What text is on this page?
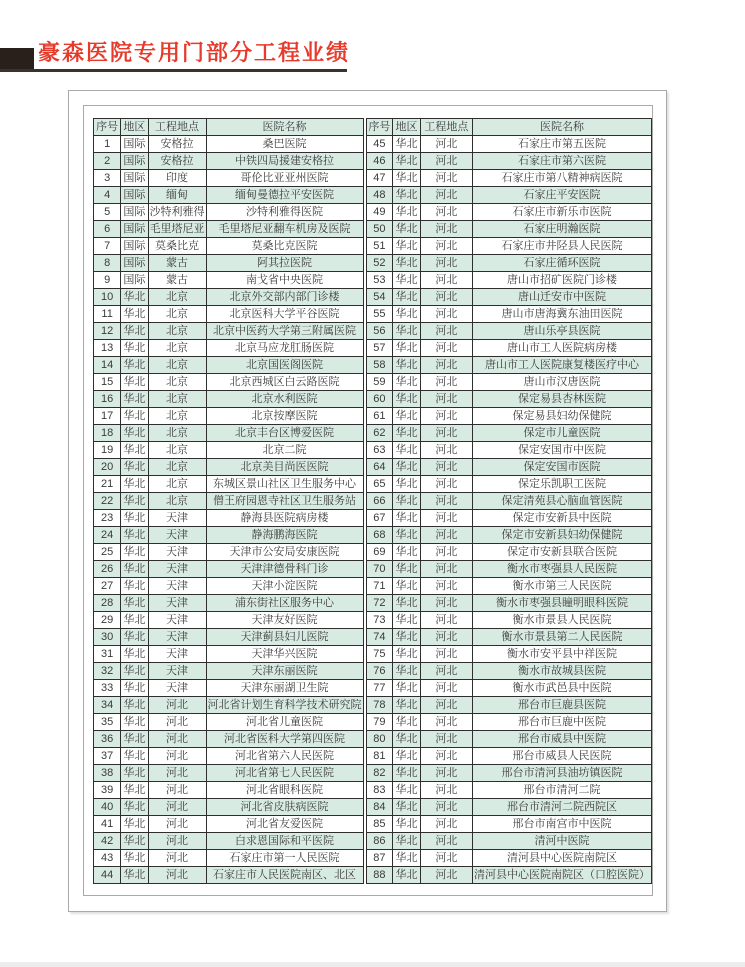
豪森医院专用门部分工程业绩
序号	地区	工程地点	医院名称
1	国际	安格拉	桑巴医院
2	国际	安格拉	中铁四局援建安格拉
3	国际	印度	哥伦比亚亚州医院
4	国际	缅甸	缅甸曼德拉平安医院
5	国际	沙特利雅得	沙特利雅得医院
6	国际	毛里塔尼亚	毛里塔尼亚翻车机房及医院
7	国际	莫桑比克	莫桑比克医院
8	国际	蒙古	阿其拉医院
9	国际	蒙古	南戈省中央医院
10	华北	北京	北京外交部内部门诊楼
11	华北	北京	北京医科大学平谷医院
12	华北	北京	北京中医药大学第三附属医院
13	华北	北京	北京马应龙肛肠医院
14	华北	北京	北京国医阁医院
15	华北	北京	北京西城区白云路医院
16	华北	北京	北京水利医院
17	华北	北京	北京按摩医院
18	华北	北京	北京丰台区博爱医院
19	华北	北京	北京二院
20	华北	北京	北京美目尚医医院
21	华北	北京	东城区景山社区卫生服务中心
22	华北	北京	僧王府园恩寺社区卫生服务站
23	华北	天津	静海县医院病房楼
24	华北	天津	静海鹏海医院
25	华北	天津	天津市公安局安康医院
26	华北	天津	天津津德骨科门诊
27	华北	天津	天津小淀医院
28	华北	天津	浦东街社区服务中心
29	华北	天津	天津友好医院
30	华北	天津	天津蓟县妇儿医院
31	华北	天津	天津华兴医院
32	华北	天津	天津东丽医院
33	华北	天津	天津东丽湖卫生院
34	华北	河北	河北省计划生育科学技术研究院
35	华北	河北	河北省儿童医院
36	华北	河北	河北省医科大学第四医院
37	华北	河北	河北省第六人民医院
38	华北	河北	河北省第七人民医院
39	华北	河北	河北省眼科医院
40	华北	河北	河北省皮肤病医院
41	华北	河北	河北省友爱医院
42	华北	河北	白求恩国际和平医院
43	华北	河北	石家庄市第一人民医院
44	华北	河北	石家庄市人民医院南区、北区
序号	地区	工程地点	医院名称
45	华北	河北	石家庄市第五医院
46	华北	河北	石家庄市第六医院
47	华北	河北	石家庄市第八精神病医院
48	华北	河北	石家庄平安医院
49	华北	河北	石家庄市新乐市医院
50	华北	河北	石家庄明瀚医院
51	华北	河北	石家庄市井陉县人民医院
52	华北	河北	石家庄循环医院
53	华北	河北	唐山市招矿医院门诊楼
54	华北	河北	唐山迁安市中医院
55	华北	河北	唐山市唐海冀东油田医院
56	华北	河北	唐山乐亭县医院
57	华北	河北	唐山市工人医院病房楼
58	华北	河北	唐山市工人医院康复楼医疗中心
59	华北	河北	唐山市汉唐医院
60	华北	河北	保定易县杏林医院
61	华北	河北	保定易县妇幼保健院
62	华北	河北	保定市儿童医院
63	华北	河北	保定安国市中医院
64	华北	河北	保定安国市医院
65	华北	河北	保定乐凯职工医院
66	华北	河北	保定清苑县心脑血管医院
67	华北	河北	保定市安新县中医院
68	华北	河北	保定市安新县妇幼保健院
69	华北	河北	保定市安新县联合医院
70	华北	河北	衡水市枣强县人民医院
71	华北	河北	衡水市第三人民医院
72	华北	河北	衡水市枣强县瞳明眼科医院
73	华北	河北	衡水市景县人民医院
74	华北	河北	衡水市景县第二人民医院
75	华北	河北	衡水市安平县中祥医院
76	华北	河北	衡水市故城县医院
77	华北	河北	衡水市武邑县中医院
78	华北	河北	邢台市巨鹿县医院
79	华北	河北	邢台市巨鹿中医院
80	华北	河北	邢台市威县中医院
81	华北	河北	邢台市威县人民医院
82	华北	河北	邢台市清河县油坊镇医院
83	华北	河北	邢台市清河二院
84	华北	河北	邢台市清河二院西院区
85	华北	河北	邢台市南宫市中医院
86	华北	河北	清河中医院
87	华北	河北	清河县中心医院南院区
88	华北	河北	清河县中心医院南院区（口腔医院）
